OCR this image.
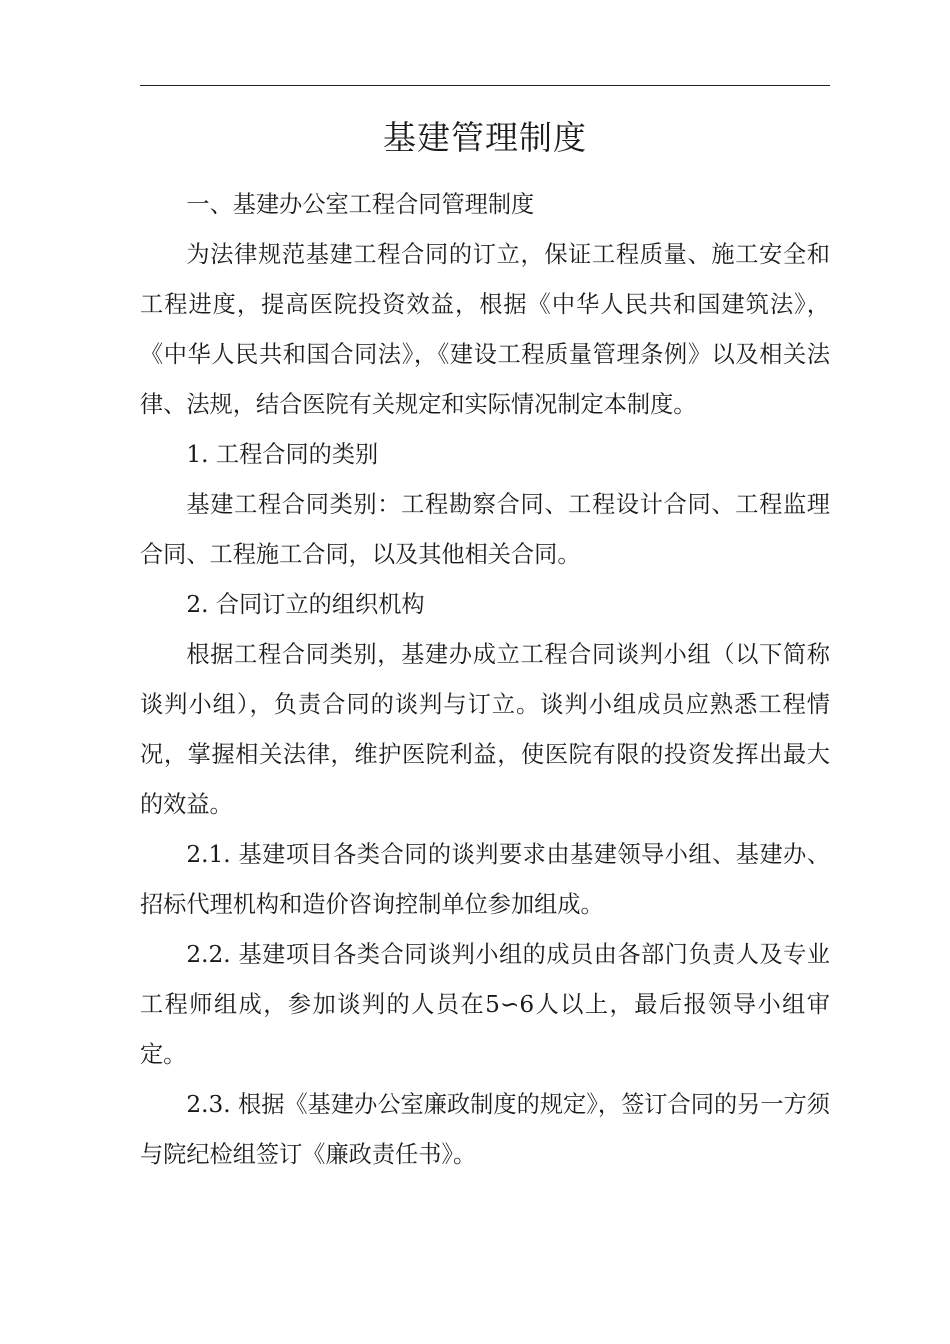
基建管理制度

一、基建办公室工程合同管理制度

为法律规范基建工程合同的订立，保证工程质量、施工安全和工程进度，提高医院投资效益，根据《中华人民共和国建筑法》，《中华人民共和国合同法》，《建设工程质量管理条例》以及相关法律、法规，结合医院有关规定和实际情况制定本制度。

1. 工程合同的类别

基建工程合同类别：工程勘察合同、工程设计合同、工程监理合同、工程施工合同，以及其他相关合同。

2. 合同订立的组织机构

根据工程合同类别，基建办成立工程合同谈判小组（以下简称谈判小组），负责合同的谈判与订立。谈判小组成员应熟悉工程情况，掌握相关法律，维护医院利益，使医院有限的投资发挥出最大的效益。

2.1. 基建项目各类合同的谈判要求由基建领导小组、基建办、招标代理机构和造价咨询控制单位参加组成。

2.2. 基建项目各类合同谈判小组的成员由各部门负责人及专业工程师组成，参加谈判的人员在5∽6人以上，最后报领导小组审定。

2.3. 根据《基建办公室廉政制度的规定》，签订合同的另一方须与院纪检组签订《廉政责任书》。
